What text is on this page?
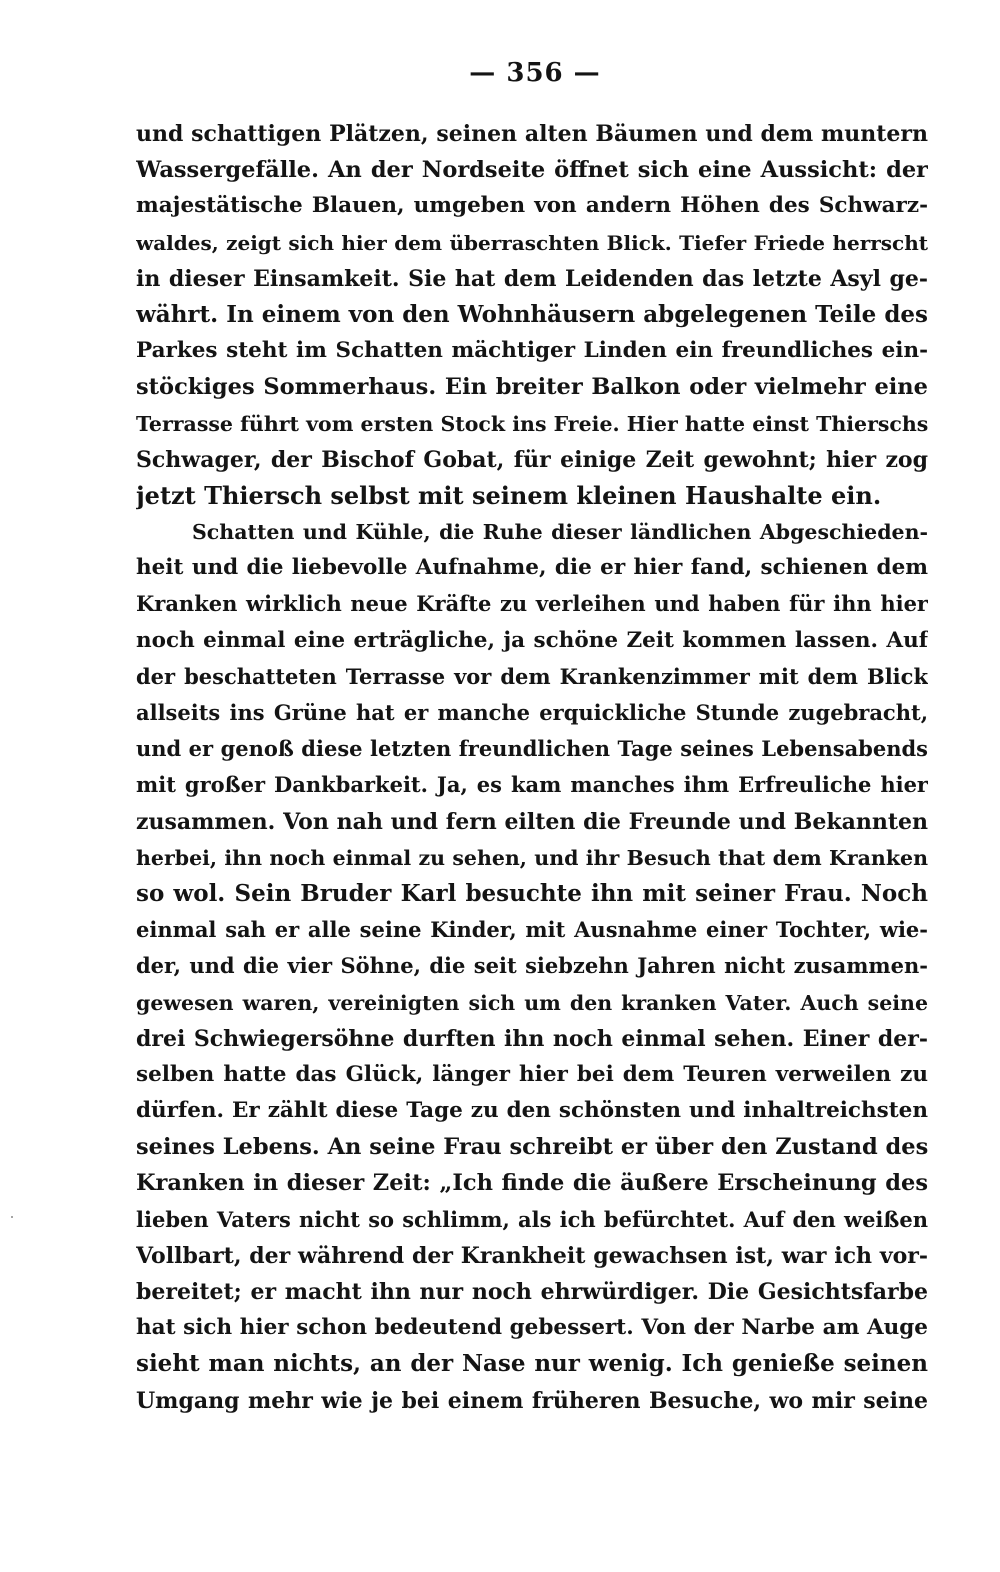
— 356 —
und schattigen Plätzen, seinen alten Bäumen und dem muntern
Wassergefälle. An der Nordseite öffnet sich eine Aussicht: der
majestätische Blauen, umgeben von andern Höhen des Schwarz-
waldes, zeigt sich hier dem überraschten Blick. Tiefer Friede herrscht
in dieser Einsamkeit. Sie hat dem Leidenden das letzte Asyl ge-
währt. In einem von den Wohnhäusern abgelegenen Teile des
Parkes steht im Schatten mächtiger Linden ein freundliches ein-
stöckiges Sommerhaus. Ein breiter Balkon oder vielmehr eine
Terrasse führt vom ersten Stock ins Freie. Hier hatte einst Thierschs
Schwager, der Bischof Gobat, für einige Zeit gewohnt; hier zog
jetzt Thiersch selbst mit seinem kleinen Haushalte ein.
Schatten und Kühle, die Ruhe dieser ländlichen Abgeschieden-
heit und die liebevolle Aufnahme, die er hier fand, schienen dem
Kranken wirklich neue Kräfte zu verleihen und haben für ihn hier
noch einmal eine erträgliche, ja schöne Zeit kommen lassen. Auf
der beschatteten Terrasse vor dem Krankenzimmer mit dem Blick
allseits ins Grüne hat er manche erquickliche Stunde zugebracht,
und er genoß diese letzten freundlichen Tage seines Lebensabends
mit großer Dankbarkeit. Ja, es kam manches ihm Erfreuliche hier
zusammen. Von nah und fern eilten die Freunde und Bekannten
herbei, ihn noch einmal zu sehen, und ihr Besuch that dem Kranken
so wol. Sein Bruder Karl besuchte ihn mit seiner Frau. Noch
einmal sah er alle seine Kinder, mit Ausnahme einer Tochter, wie-
der, und die vier Söhne, die seit siebzehn Jahren nicht zusammen-
gewesen waren, vereinigten sich um den kranken Vater. Auch seine
drei Schwiegersöhne durften ihn noch einmal sehen. Einer der-
selben hatte das Glück, länger hier bei dem Teuren verweilen zu
dürfen. Er zählt diese Tage zu den schönsten und inhaltreichsten
seines Lebens. An seine Frau schreibt er über den Zustand des
Kranken in dieser Zeit: „Ich finde die äußere Erscheinung des
lieben Vaters nicht so schlimm, als ich befürchtet. Auf den weißen
Vollbart, der während der Krankheit gewachsen ist, war ich vor-
bereitet; er macht ihn nur noch ehrwürdiger. Die Gesichtsfarbe
hat sich hier schon bedeutend gebessert. Von der Narbe am Auge
sieht man nichts, an der Nase nur wenig. Ich genieße seinen
Umgang mehr wie je bei einem früheren Besuche, wo mir seine
